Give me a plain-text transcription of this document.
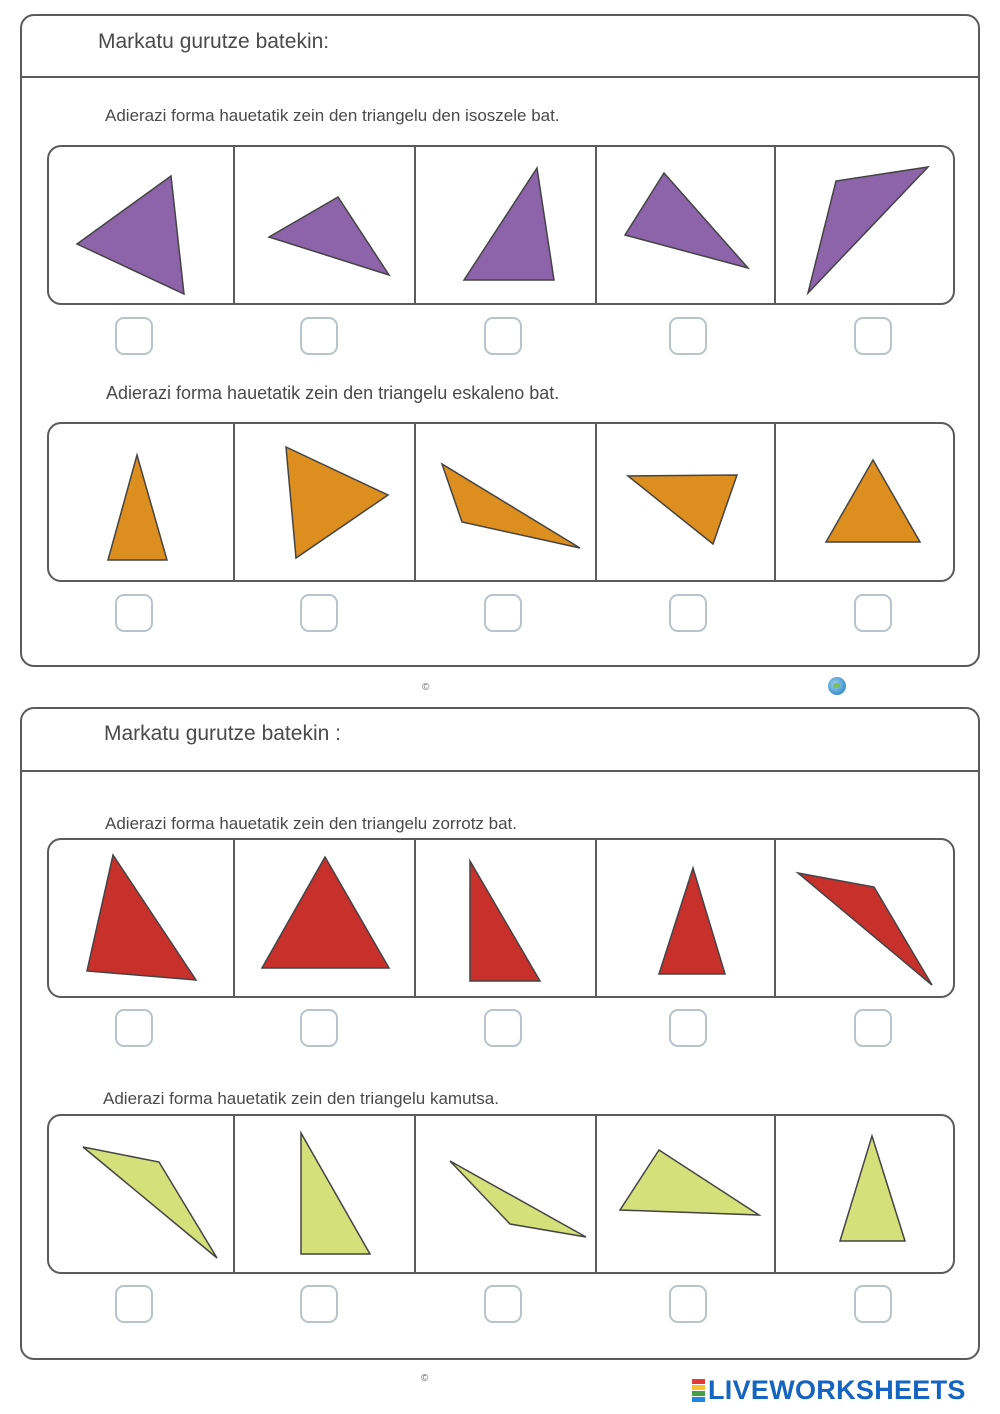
Markatu gurutze batekin:
Adierazi forma hauetatik zein den triangelu den isoszele bat.
Adierazi forma hauetatik zein den triangelu eskaleno bat.
©
Markatu gurutze batekin :
Adierazi forma hauetatik zein den triangelu zorrotz bat.
Adierazi forma hauetatik zein den triangelu kamutsa.
©	LIVEWORKSHEETS
